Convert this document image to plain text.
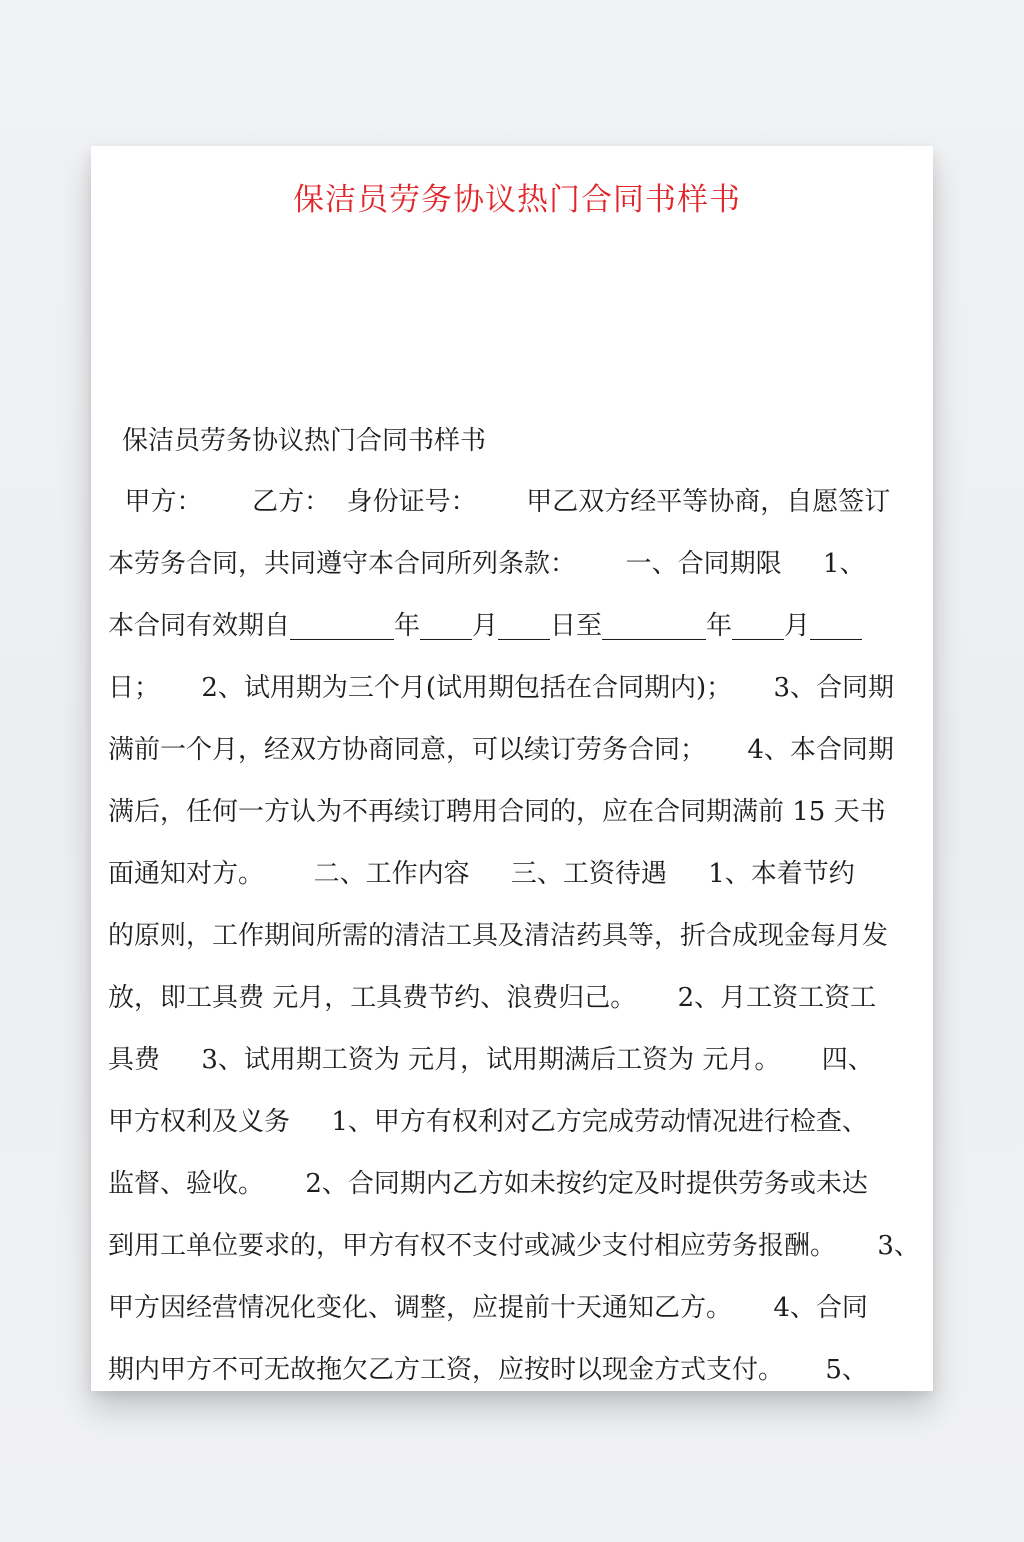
保洁员劳务协议热门合同书样书
保洁员劳务协议热门合同书样书
甲方：      乙方：  身份证号：      甲乙双方经平等协商，自愿签订
本劳务合同，共同遵守本合同所列条款：      一、合同期限     1、
本合同有效期自________年____月____日至________年____月____
日；     2、试用期为三个月(试用期包括在合同期内)；     3、合同期
满前一个月，经双方协商同意，可以续订劳务合同；     4、本合同期
满后，任何一方认为不再续订聘用合同的，应在合同期满前 15 天书
面通知对方。      二、工作内容     三、工资待遇     1、本着节约
的原则，工作期间所需的清洁工具及清洁药具等，折合成现金每月发
放，即工具费 元月，工具费节约、浪费归己。     2、月工资工资工
具费     3、试用期工资为 元月，试用期满后工资为 元月。     四、
甲方权利及义务     1、甲方有权利对乙方完成劳动情况进行检查、
监督、验收。     2、合同期内乙方如未按约定及时提供劳务或未达
到用工单位要求的，甲方有权不支付或减少支付相应劳务报酬。     3、
甲方因经营情况化变化、调整，应提前十天通知乙方。     4、合同
期内甲方不可无故拖欠乙方工资，应按时以现金方式支付。     5、
